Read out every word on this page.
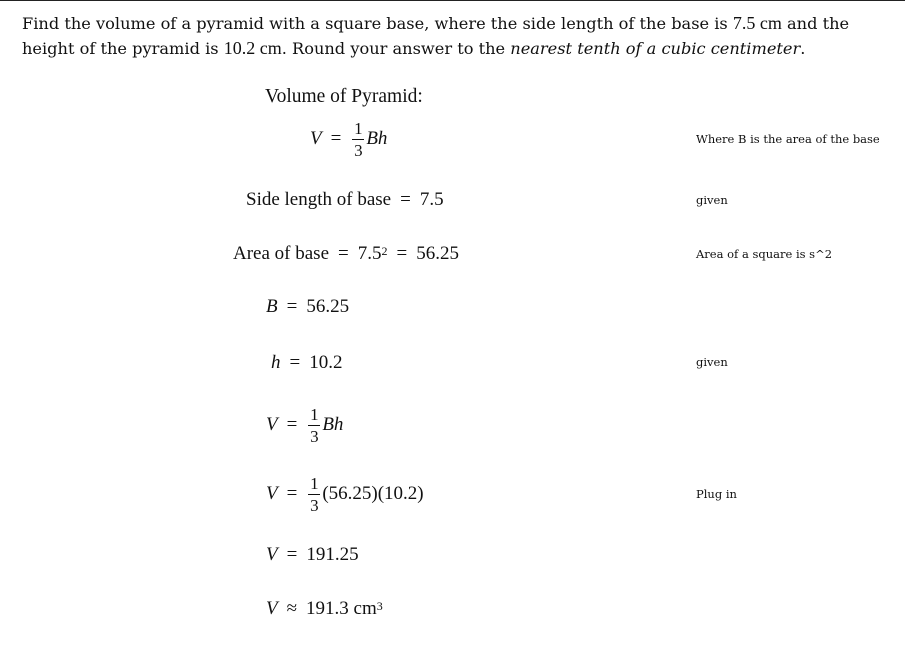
Find the volume of a pyramid with a square base, where the side length of the base is 7.5 cm and the height of the pyramid is 10.2 cm. Round your answer to the nearest tenth of a cubic centimeter.
Volume of Pyramid:
$V = \frac{1}{3}$ Bh	Where B is the area of the base
Side length of base = 7.5	given
Area of base = $7.5^2 = 56.25$	Area of a square is s^2
B = 56.25
h = 10.2	given
$V = \frac{1}{3}$ Bh
$V = \frac{1}{3} (56.25)(10.2)$	Plug in
V = 191.25
V ≈ 191.3
$cm^3$
